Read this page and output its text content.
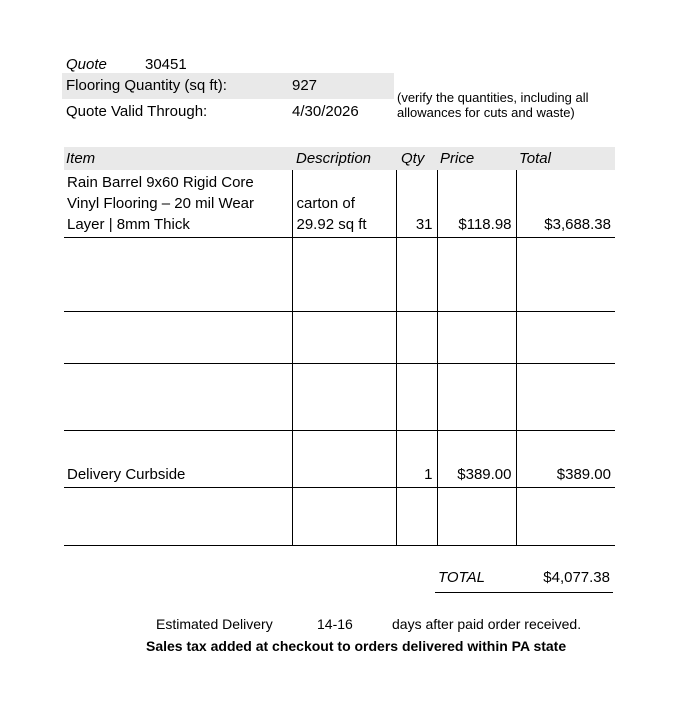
Quote	30451
Flooring Quantity (sq ft):	927
Quote Valid Through:	4/30/2026
(verify the quantities, including all allowances for cuts and waste)
Item	Description	Qty	Price	Total
Rain Barrel 9x60 Rigid Core Vinyl Flooring – 20 mil Wear Layer | 8mm Thick	carton of 29.92 sq ft	31	$118.98	$3,688.38

Delivery Curbside		1	$389.00	$389.00

TOTAL	$4,077.38
Estimated Delivery	14-16	days after paid order received.
Sales tax added at checkout to orders delivered within PA state
